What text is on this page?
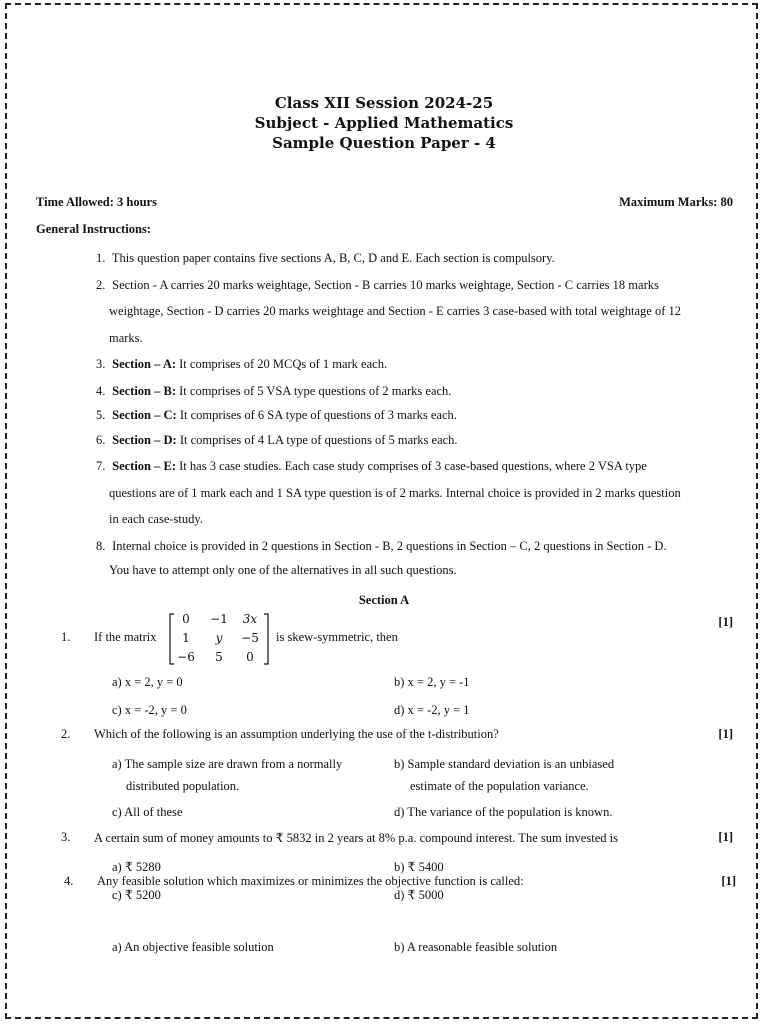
Class XII Session 2024-25
Subject - Applied Mathematics
Sample Question Paper - 4
Time Allowed: 3 hours	Maximum Marks: 80
General Instructions:
1. This question paper contains five sections A, B, C, D and E. Each section is compulsory.
2. Section - A carries 20 marks weightage, Section - B carries 10 marks weightage, Section - C carries 18 marks
weightage, Section - D carries 20 marks weightage and Section - E carries 3 case-based with total weightage of 12
marks.
3. Section – A: It comprises of 20 MCQs of 1 mark each.
4. Section – B: It comprises of 5 VSA type questions of 2 marks each.
5. Section – C: It comprises of 6 SA type of questions of 3 marks each.
6. Section – D: It comprises of 4 LA type of questions of 5 marks each.
7. Section – E: It has 3 case studies. Each case study comprises of 3 case-based questions, where 2 VSA type
questions are of 1 mark each and 1 SA type question is of 2 marks. Internal choice is provided in 2 marks question
in each case-study.
8. Internal choice is provided in 2 questions in Section - B, 2 questions in Section – C, 2 questions in Section - D.
You have to attempt only one of the alternatives in all such questions.
Section A
1. If the matrix
0	−1	3x
1	y	−5
−6	5	0
is skew-symmetric, then
[1]
a) x = 2, y = 0	b) x = 2, y = -1
c) x = -2, y = 0	d) x = -2, y = 1
2. Which of the following is an assumption underlying the use of the t-distribution?	[1]
a) The sample size are drawn from a normally
distributed population.
b) Sample standard deviation is an unbiased
estimate of the population variance.
c) All of these	d) The variance of the population is known.
3. A certain sum of money amounts to ₹ 5832 in 2 years at 8% p.a. compound interest. The sum invested is	[1]
a) ₹ 5280	b) ₹ 5400
c) ₹ 5200	d) ₹ 5000
4. Any feasible solution which maximizes or minimizes the objective function is called:	[1]
a) An objective feasible solution	b) A reasonable feasible solution
